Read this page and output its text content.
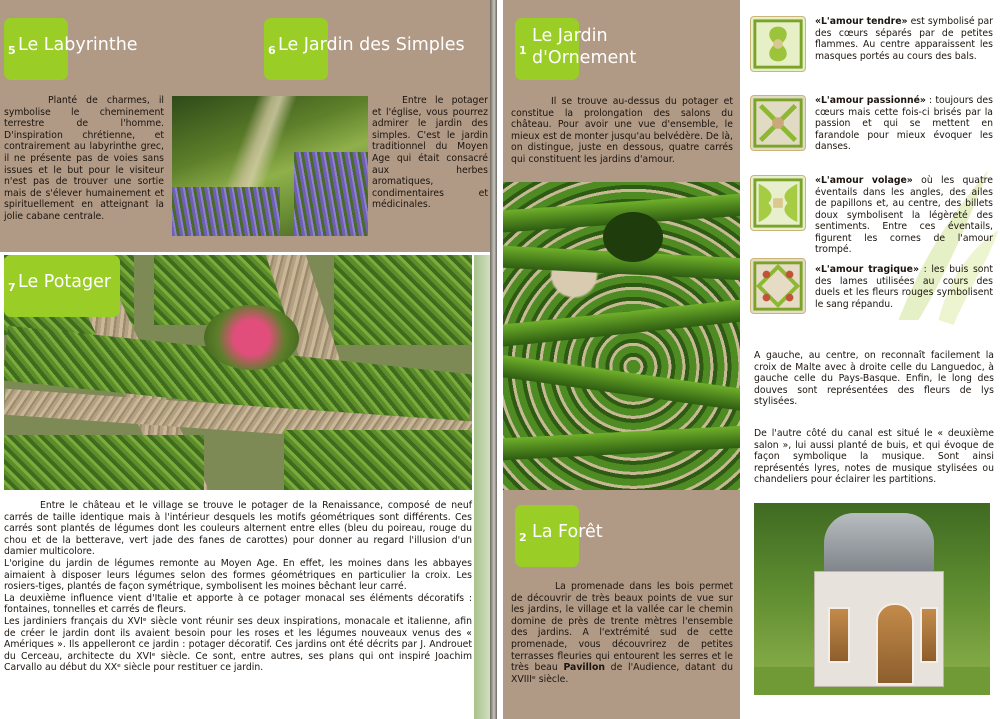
5 Le Labyrinthe
Planté de charmes, il symbolise le cheminement terrestre de l'homme. D'inspiration chrétienne, et contrairement au labyrinthe grec, il ne présente pas de voies sans issues et le but pour le visiteur n'est pas de trouver une sortie mais de s'élever humainement et spirituellement en atteignant la jolie cabane centrale.
6 Le Jardin des Simples
Entre le potager et l'église, vous pourrez admirer le jardin des simples. C'est le jardin traditionnel du Moyen Age qui était consacré aux herbes aromatiques, condimentaires et médicinales.
7 Le Potager

Entre le château et le village se trouve le potager de la Renaissance, composé de neuf carrés de taille identique mais à l'intérieur desquels les motifs géométriques sont différents. Ces carrés sont plantés de légumes dont les couleurs alternent entre elles (bleu du poireau, rouge du chou et de la betterave, vert jade des fanes de carottes) pour donner au regard l'illusion d'un damier multicolore.

L'origine du jardin de légumes remonte au Moyen Age. En effet, les moines dans les abbayes aimaient à disposer leurs légumes selon des formes géométriques en particulier la croix. Les rosiers-tiges, plantés de façon symétrique, symbolisent les moines bêchant leur carré.

La deuxième influence vient d'Italie et apporte à ce potager monacal ses éléments décoratifs : fontaines, tonnelles et carrés de fleurs.

Les jardiniers français du XVIᵉ siècle vont réunir ses deux inspirations, monacale et italienne, afin de créer le jardin dont ils avaient besoin pour les roses et les légumes nouveaux venus des « Amériques ». Ils appelleront ce jardin : potager décoratif. Ces jardins ont été décrits par J. Androuet du Cerceau, architecte du XVIᵉ siècle. Ce sont, entre autres, ses plans qui ont inspiré Joachim Carvallo au début du XXᵉ siècle pour restituer ce jardin.

1
Le Jardin
d'Ornement
Il se trouve au-dessus du potager et constitue la prolongation des salons du château. Pour avoir une vue d'ensemble, le mieux est de monter jusqu'au belvédère. De là, on distingue, juste en dessous, quatre carrés qui constituent les jardins d'amour.
2 La Forêt
La promenade dans les bois permet de découvrir de très beaux points de vue sur les jardins, le village et la vallée car le chemin domine de près de trente mètres l'ensemble des jardins. A l'extrémité sud de cette promenade, vous découvrirez de petites terrasses fleuries qui entourent les serres et le très beau Pavillon de l'Audience, datant du XVIIIᵉ siècle.
«L'amour tendre» est symbolisé par des cœurs séparés par de petites flammes. Au centre apparaissent les masques portés au cours des bals.
«L'amour passionné» : toujours des cœurs mais cette fois-ci brisés par la passion et qui se mettent en farandole pour mieux évoquer les danses.
«L'amour volage» où les quatre éventails dans les angles, des ailes de papillons et, au centre, des billets doux symbolisent la légèreté des sentiments. Entre ces éventails, figurent les cornes de l'amour trompé.
«L'amour tragique» : les buis sont des lames utilisées au cours des duels et les fleurs rouges symbolisent le sang répandu.
A gauche, au centre, on reconnaît facilement la croix de Malte avec à droite celle du Languedoc, à gauche celle du Pays-Basque. Enfin, le long des douves sont représentées des fleurs de lys stylisées.
De l'autre côté du canal est situé le « deuxième salon », lui aussi planté de buis, et qui évoque de façon symbolique la musique. Sont ainsi représentés lyres, notes de musique stylisées ou chandeliers pour éclairer les partitions.
